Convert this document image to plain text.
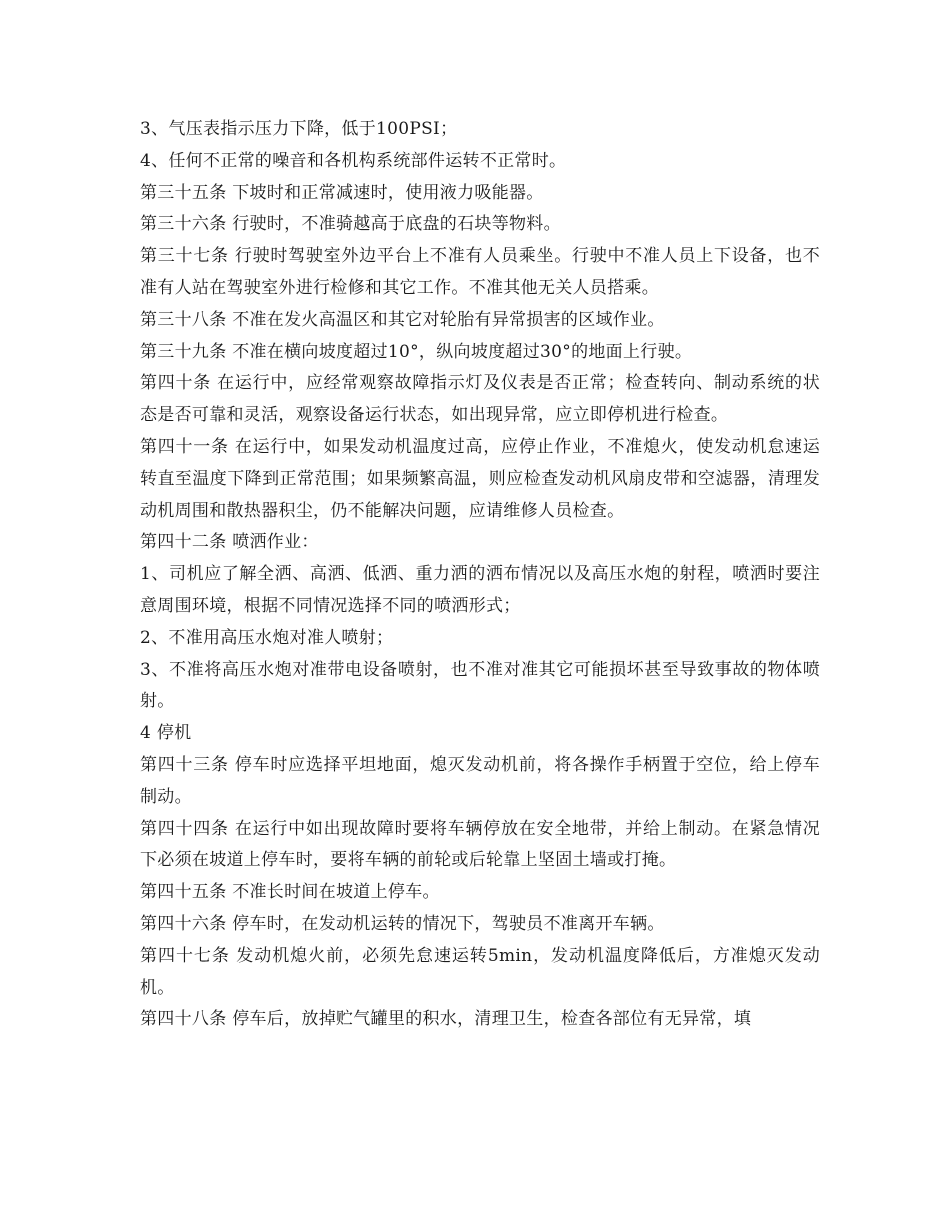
3、气压表指示压力下降，低于100PSI；

4、任何不正常的噪音和各机构系统部件运转不正常时。

第三十五条 下坡时和正常减速时，使用液力吸能器。

第三十六条 行驶时，不准骑越高于底盘的石块等物料。

第三十七条 行驶时驾驶室外边平台上不准有人员乘坐。行驶中不准人员上下设备，也不准有人站在驾驶室外进行检修和其它工作。不准其他无关人员搭乘。

第三十八条 不准在发火高温区和其它对轮胎有异常损害的区域作业。

第三十九条 不准在横向坡度超过10°，纵向坡度超过30°的地面上行驶。

第四十条 在运行中，应经常观察故障指示灯及仪表是否正常；检查转向、制动系统的状态是否可靠和灵活，观察设备运行状态，如出现异常，应立即停机进行检查。

第四十一条 在运行中，如果发动机温度过高，应停止作业，不准熄火，使发动机怠速运转直至温度下降到正常范围；如果频繁高温，则应检查发动机风扇皮带和空滤器，清理发动机周围和散热器积尘，仍不能解决问题，应请维修人员检查。

第四十二条 喷洒作业：

1、司机应了解全洒、高洒、低洒、重力洒的洒布情况以及高压水炮的射程，喷洒时要注意周围环境，根据不同情况选择不同的喷洒形式；

2、不准用高压水炮对准人喷射；

3、不准将高压水炮对准带电设备喷射，也不准对准其它可能损坏甚至导致事故的物体喷射。

4 停机

第四十三条 停车时应选择平坦地面，熄灭发动机前，将各操作手柄置于空位，给上停车制动。

第四十四条 在运行中如出现故障时要将车辆停放在安全地带，并给上制动。在紧急情况下必须在坡道上停车时，要将车辆的前轮或后轮靠上坚固土墙或打掩。

第四十五条 不准长时间在坡道上停车。

第四十六条 停车时，在发动机运转的情况下，驾驶员不准离开车辆。

第四十七条 发动机熄火前，必须先怠速运转5min，发动机温度降低后，方准熄灭发动机。

第四十八条 停车后，放掉贮气罐里的积水，清理卫生，检查各部位有无异常，填
